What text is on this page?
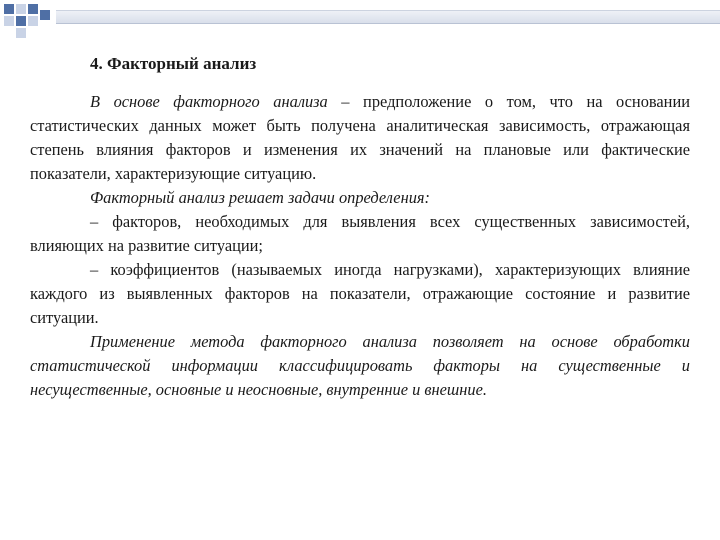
4. Факторный анализ

В основе факторного анализа – предположение о том, что на основании статистических данных может быть получена аналитическая зависимость, отражающая степень влияния факторов и изменения их значений на плановые или фактические показатели, характеризующие ситуацию.

Факторный анализ решает задачи определения:

– факторов, необходимых для выявления всех существенных зависимостей, влияющих на развитие ситуации;

– коэффициентов (называемых иногда нагрузками), характеризующих влияние каждого из выявленных факторов на показатели, отражающие состояние и развитие ситуации.

Применение метода факторного анализа позволяет на основе обработки статистической информации классифицировать факторы на существенные и несущественные, основные и неосновные, внутренние и внешние.
